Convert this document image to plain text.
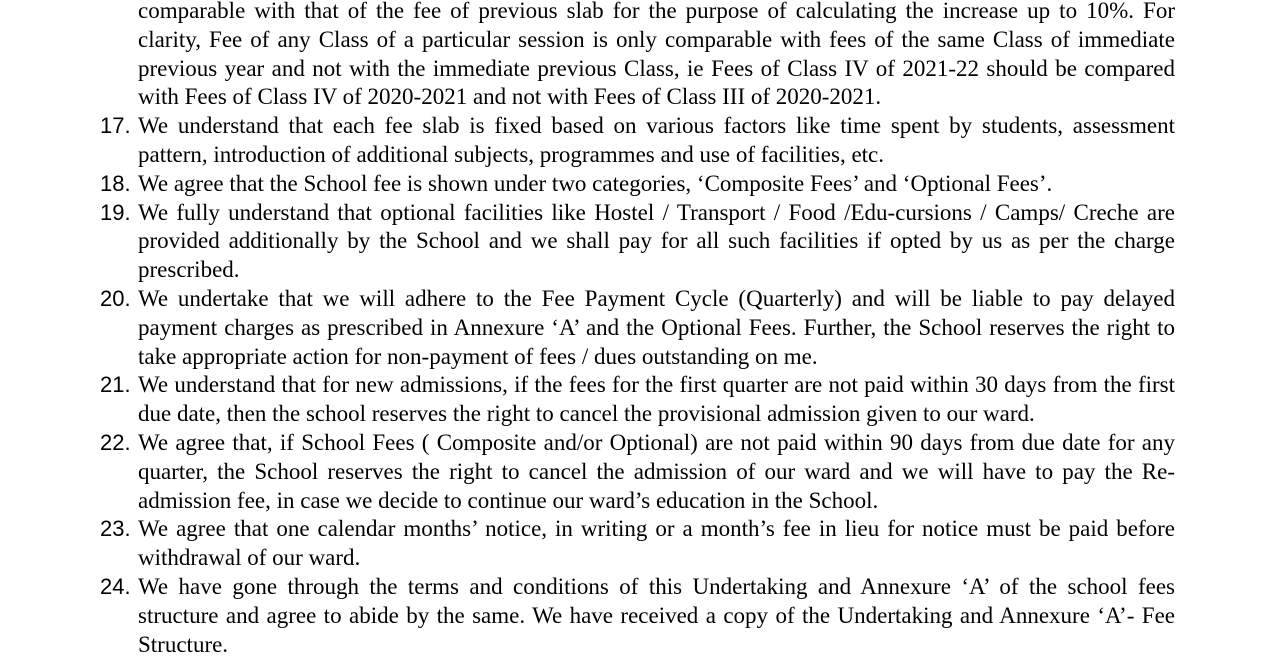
comparable with that of the fee of previous slab for the purpose of calculating the increase up to 10%. For clarity, Fee of any Class of a particular session is only comparable with fees of the same Class of immediate previous year and not with the immediate previous Class, ie Fees of Class IV of 2021-22 should be compared with Fees of Class IV of 2020-2021 and not with Fees of Class III of 2020-2021.
17. We understand that each fee slab is fixed based on various factors like time spent by students, assessment pattern, introduction of additional subjects, programmes and use of facilities, etc.
18. We agree that the School fee is shown under two categories, ‘Composite Fees’ and ‘Optional Fees’.
19. We fully understand that optional facilities like Hostel / Transport / Food /Edu-cursions / Camps/ Creche are provided additionally by the School and we shall pay for all such facilities if opted by us as per the charge prescribed.
20. We undertake that we will adhere to the Fee Payment Cycle (Quarterly) and will be liable to pay delayed payment charges as prescribed in Annexure ‘A’ and the Optional Fees. Further, the School reserves the right to take appropriate action for non-payment of fees / dues outstanding on me.
21. We understand that for new admissions, if the fees for the first quarter are not paid within 30 days from the first due date, then the school reserves the right to cancel the provisional admission given to our ward.
22. We agree that, if School Fees ( Composite and/or Optional) are not paid within 90 days from due date for any quarter, the School reserves the right to cancel the admission of our ward and we will have to pay the Re-admission fee, in case we decide to continue our ward’s education in the School.
23. We agree that one calendar months’ notice, in writing or a month’s fee in lieu for notice must be paid before withdrawal of our ward.
24. We have gone through the terms and conditions of this Undertaking and Annexure ‘A’ of the school fees structure and agree to abide by the same. We have received a copy of the Undertaking and Annexure ‘A’- Fee Structure.
